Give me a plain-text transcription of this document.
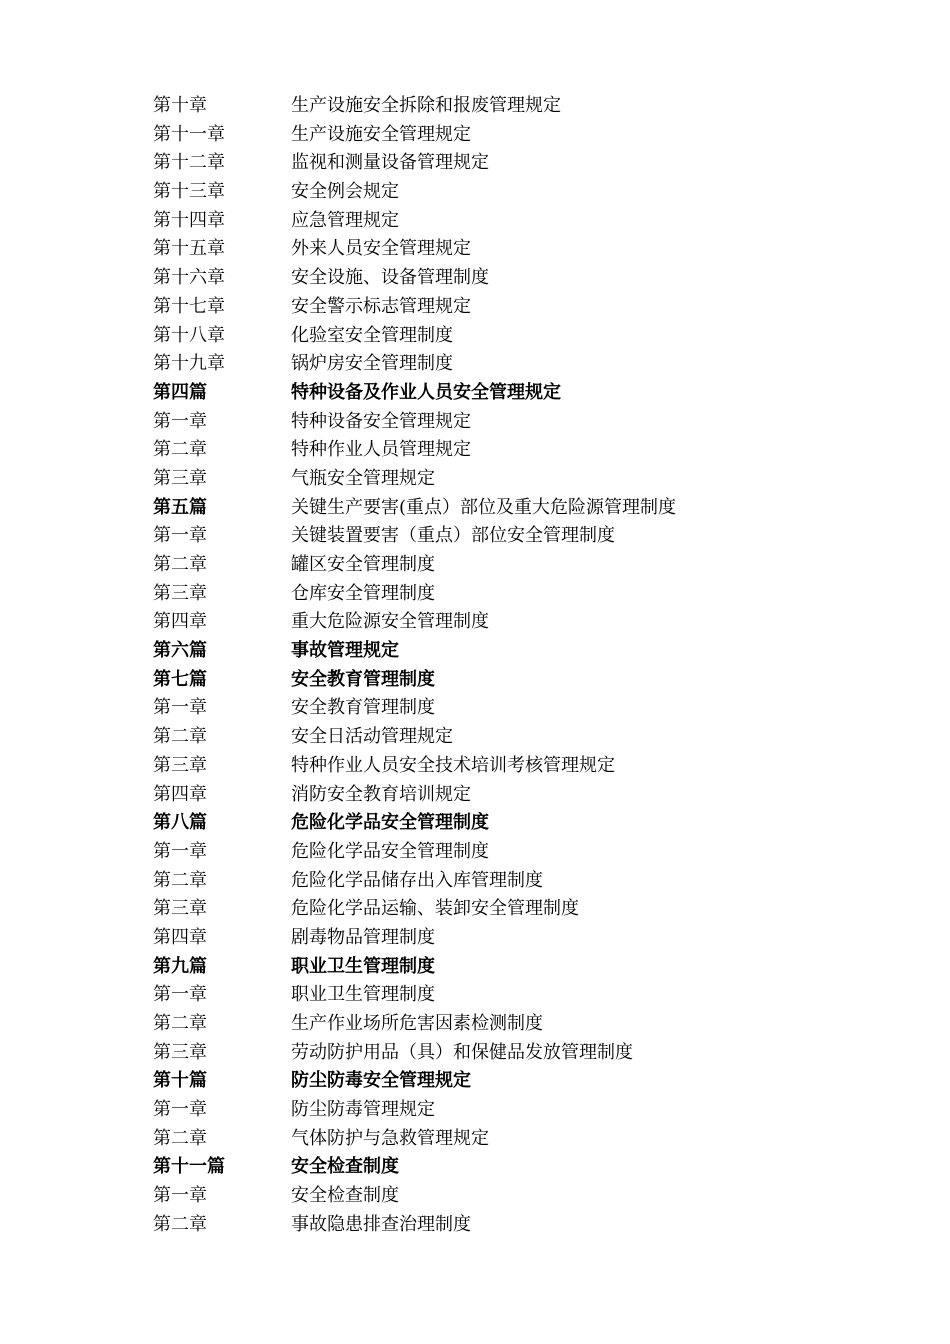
第十章	生产设施安全拆除和报废管理规定
第十一章	生产设施安全管理规定
第十二章	监视和测量设备管理规定
第十三章	安全例会规定
第十四章	应急管理规定
第十五章	外来人员安全管理规定
第十六章	安全设施、设备管理制度
第十七章	安全警示标志管理规定
第十八章	化验室安全管理制度
第十九章	锅炉房安全管理制度
第四篇	特种设备及作业人员安全管理规定
第一章	特种设备安全管理规定
第二章	特种作业人员管理规定
第三章	气瓶安全管理规定
第五篇	关键生产要害(重点）部位及重大危险源管理制度
第一章	关键装置要害（重点）部位安全管理制度
第二章	罐区安全管理制度
第三章	仓库安全管理制度
第四章	重大危险源安全管理制度
第六篇	事故管理规定
第七篇	安全教育管理制度
第一章	安全教育管理制度
第二章	安全日活动管理规定
第三章	特种作业人员安全技术培训考核管理规定
第四章	消防安全教育培训规定
第八篇	危险化学品安全管理制度
第一章	危险化学品安全管理制度
第二章	危险化学品储存出入库管理制度
第三章	危险化学品运输、装卸安全管理制度
第四章	剧毒物品管理制度
第九篇	职业卫生管理制度
第一章	职业卫生管理制度
第二章	生产作业场所危害因素检测制度
第三章	劳动防护用品（具）和保健品发放管理制度
第十篇	防尘防毒安全管理规定
第一章	防尘防毒管理规定
第二章	气体防护与急救管理规定
第十一篇	安全检查制度
第一章	安全检查制度
第二章	事故隐患排查治理制度
